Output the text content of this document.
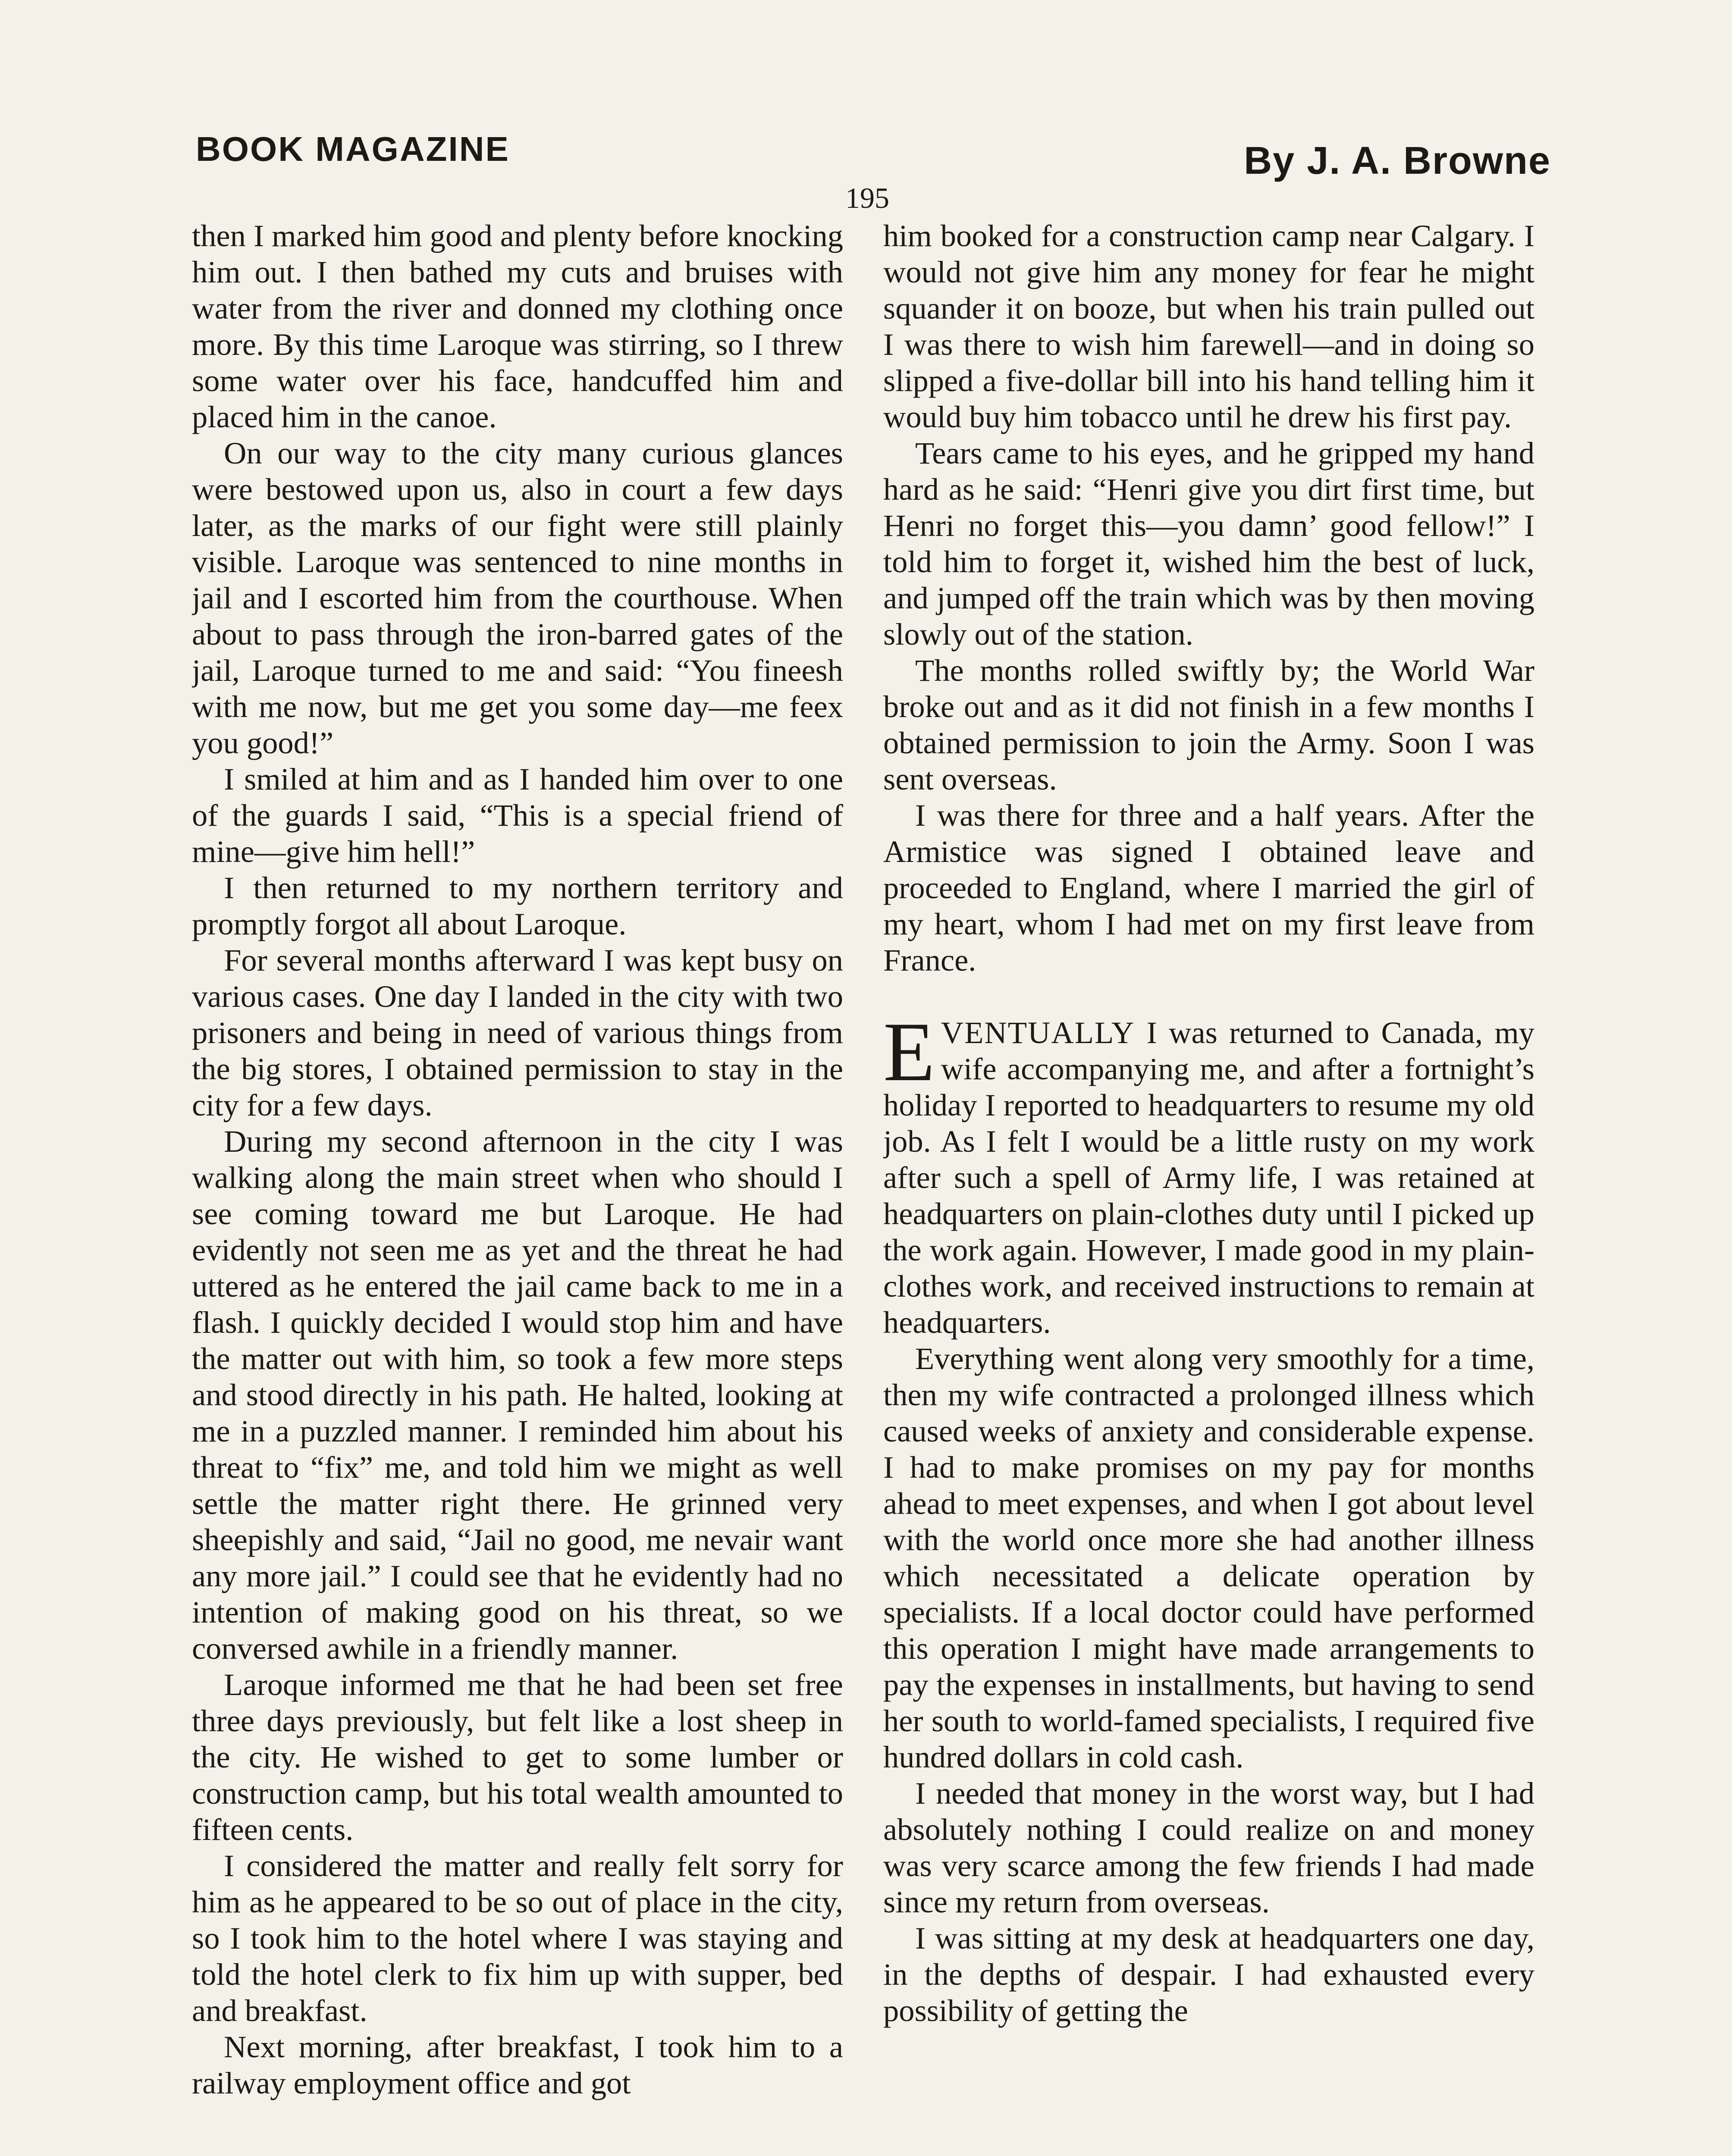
BOOK MAGAZINE	By J. A. Browne
195

then I marked him good and plenty before knocking him out. I then bathed my cuts and bruises with water from the river and donned my clothing once more. By this time Laroque was stirring, so I threw some water over his face, handcuffed him and placed him in the canoe.

On our way to the city many curious glances were bestowed upon us, also in court a few days later, as the marks of our fight were still plainly visible. Laroque was sentenced to nine months in jail and I escorted him from the courthouse. When about to pass through the iron-barred gates of the jail, Laroque turned to me and said: “You fineesh with me now, but me get you some day—me feex you good!”

I smiled at him and as I handed him over to one of the guards I said, “This is a special friend of mine—give him hell!”

I then returned to my northern territory and promptly forgot all about Laroque.

For several months afterward I was kept busy on various cases. One day I landed in the city with two prisoners and being in need of various things from the big stores, I obtained permission to stay in the city for a few days.

During my second afternoon in the city I was walking along the main street when who should I see coming toward me but Laroque. He had evidently not seen me as yet and the threat he had uttered as he entered the jail came back to me in a flash. I quickly decided I would stop him and have the matter out with him, so took a few more steps and stood directly in his path. He halted, looking at me in a puzzled manner. I reminded him about his threat to “fix” me, and told him we might as well settle the matter right there. He grinned very sheepishly and said, “Jail no good, me nevair want any more jail.” I could see that he evidently had no intention of making good on his threat, so we conversed awhile in a friendly manner.

Laroque informed me that he had been set free three days previously, but felt like a lost sheep in the city. He wished to get to some lumber or construction camp, but his total wealth amounted to fifteen cents.

I considered the matter and really felt sorry for him as he appeared to be so out of place in the city, so I took him to the hotel where I was staying and told the hotel clerk to fix him up with supper, bed and breakfast.

Next morning, after breakfast, I took him to a railway employment office and got

him booked for a construction camp near Calgary. I would not give him any money for fear he might squander it on booze, but when his train pulled out I was there to wish him farewell—and in doing so slipped a five-dollar bill into his hand telling him it would buy him tobacco until he drew his first pay.

Tears came to his eyes, and he gripped my hand hard as he said: “Henri give you dirt first time, but Henri no forget this—you damn’ good fellow!” I told him to forget it, wished him the best of luck, and jumped off the train which was by then moving slowly out of the station.

The months rolled swiftly by; the World War broke out and as it did not finish in a few months I obtained permission to join the Army. Soon I was sent overseas.

I was there for three and a half years. After the Armistice was signed I obtained leave and proceeded to England, where I married the girl of my heart, whom I had met on my first leave from France.

EVENTUALLY I was returned to Canada, my wife accompanying me, and after a fortnight’s holiday I reported to headquarters to resume my old job. As I felt I would be a little rusty on my work after such a spell of Army life, I was retained at headquarters on plain-clothes duty until I picked up the work again. However, I made good in my plain-clothes work, and received instructions to remain at headquarters.

Everything went along very smoothly for a time, then my wife contracted a prolonged illness which caused weeks of anxiety and considerable expense. I had to make promises on my pay for months ahead to meet expenses, and when I got about level with the world once more she had another illness which necessitated a delicate operation by specialists. If a local doctor could have performed this operation I might have made arrangements to pay the expenses in installments, but having to send her south to world-famed specialists, I required five hundred dollars in cold cash.

I needed that money in the worst way, but I had absolutely nothing I could realize on and money was very scarce among the few friends I had made since my return from overseas.

I was sitting at my desk at headquarters one day, in the depths of despair. I had exhausted every possibility of getting the
